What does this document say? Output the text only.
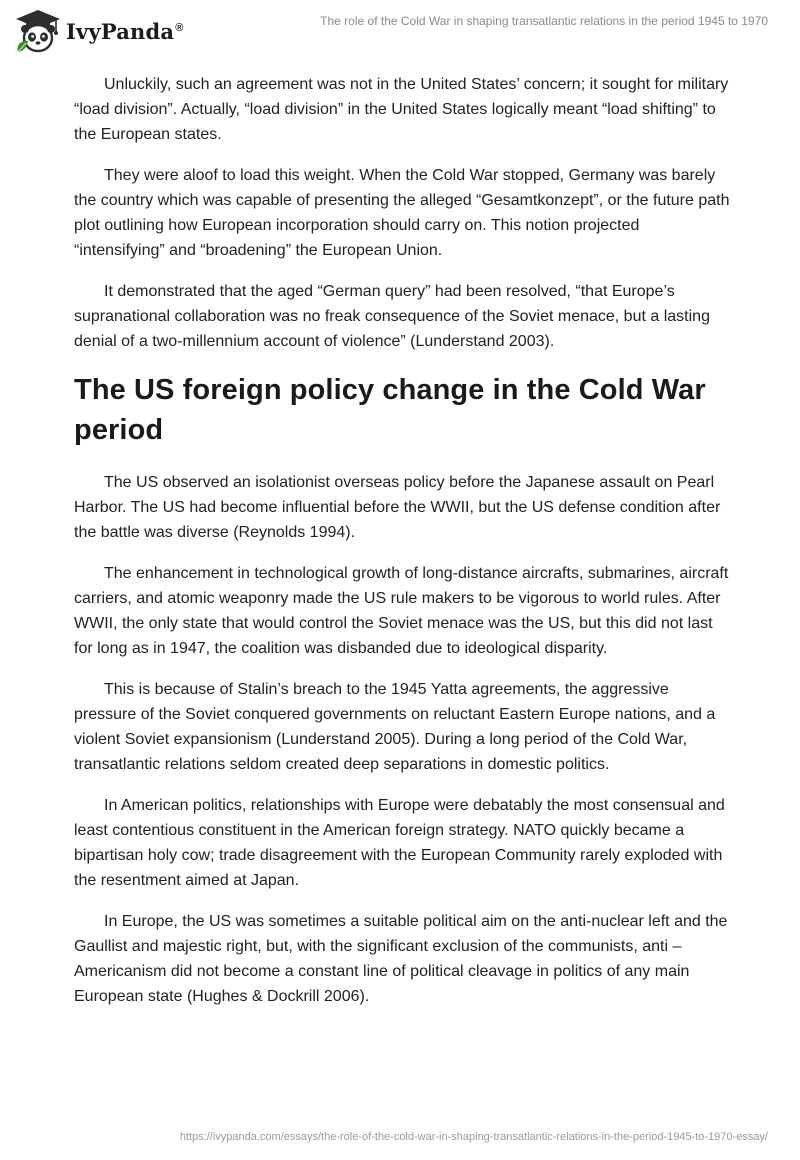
IvyPanda®	The role of the Cold War in shaping transatlantic relations in the period 1945 to 1970

Unluckily, such an agreement was not in the United States’ concern; it sought for military “load division”. Actually, “load division” in the United States logically meant “load shifting” to the European states.

They were aloof to load this weight. When the Cold War stopped, Germany was barely the country which was capable of presenting the alleged “Gesamtkonzept”, or the future path plot outlining how European incorporation should carry on. This notion projected “intensifying” and “broadening” the European Union.

It demonstrated that the aged “German query” had been resolved, “that Europe’s supranational collaboration was no freak consequence of the Soviet menace, but a lasting denial of a two-millennium account of violence” (Lunderstand 2003).

The US foreign policy change in the Cold War period

The US observed an isolationist overseas policy before the Japanese assault on Pearl Harbor. The US had become influential before the WWII, but the US defense condition after the battle was diverse (Reynolds 1994).

The enhancement in technological growth of long-distance aircrafts, submarines, aircraft carriers, and atomic weaponry made the US rule makers to be vigorous to world rules. After WWII, the only state that would control the Soviet menace was the US, but this did not last for long as in 1947, the coalition was disbanded due to ideological disparity.

This is because of Stalin’s breach to the 1945 Yatta agreements, the aggressive pressure of the Soviet conquered governments on reluctant Eastern Europe nations, and a violent Soviet expansionism (Lunderstand 2005). During a long period of the Cold War, transatlantic relations seldom created deep separations in domestic politics.

In American politics, relationships with Europe were debatably the most consensual and least contentious constituent in the American foreign strategy. NATO quickly became a bipartisan holy cow; trade disagreement with the European Community rarely exploded with the resentment aimed at Japan.

In Europe, the US was sometimes a suitable political aim on the anti-nuclear left and the Gaullist and majestic right, but, with the significant exclusion of the communists, anti –Americanism did not become a constant line of political cleavage in politics of any main European state (Hughes & Dockrill 2006).

https://ivypanda.com/essays/the-role-of-the-cold-war-in-shaping-transatlantic-relations-in-the-period-1945-to-1970-essay/
